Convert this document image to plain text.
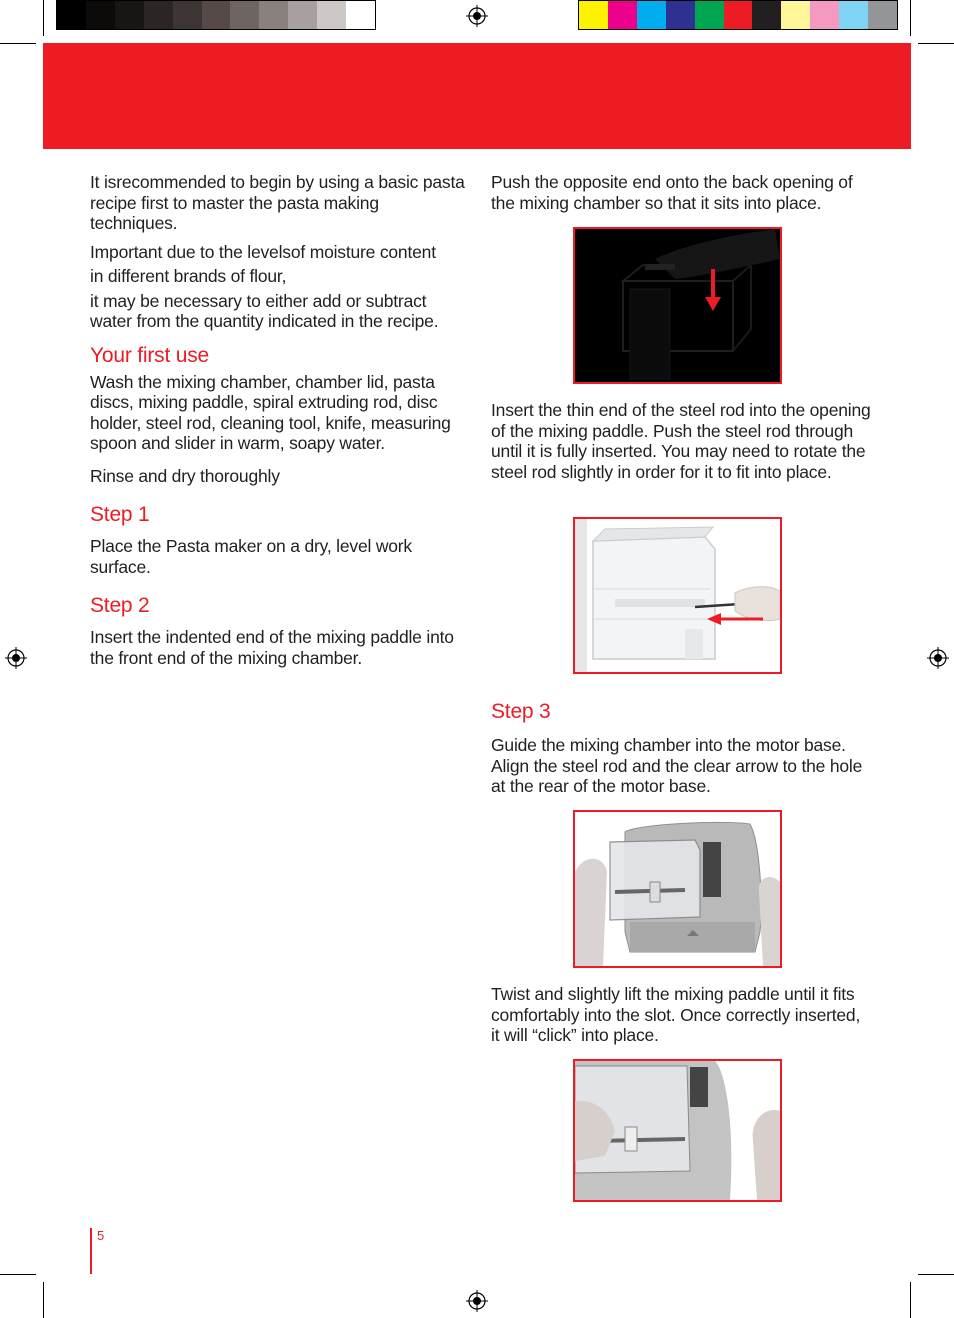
It isrecommended to begin by using a basic pasta recipe first to master the pasta making techniques.

Important due to the levelsof moisture content

in different brands of flour,

it may be necessary to either add or subtract water from the quantity indicated in the recipe.

Your first use

Wash the mixing chamber, chamber lid, pasta discs, mixing paddle, spiral extruding rod, disc holder, steel rod, cleaning tool, knife, measuring spoon and slider in warm, soapy water.

Rinse and dry thoroughly

Step 1

Place the Pasta maker on a dry, level work surface.

Step 2

Insert the indented end of the mixing paddle into the front end of the mixing chamber.

Push the opposite end onto the back opening of the mixing chamber so that it sits into place.

Insert the thin end of the steel rod into the opening of the mixing paddle. Push the steel rod through until it is fully inserted. You may need to rotate the steel rod slightly in order for it to fit into place.

Step 3

Guide the mixing chamber into the motor base. Align the steel rod and the clear arrow to the hole at the rear of the motor base.

Twist and slightly lift the mixing paddle until it fits comfortably into the slot. Once correctly inserted, it will “click” into place.

5
